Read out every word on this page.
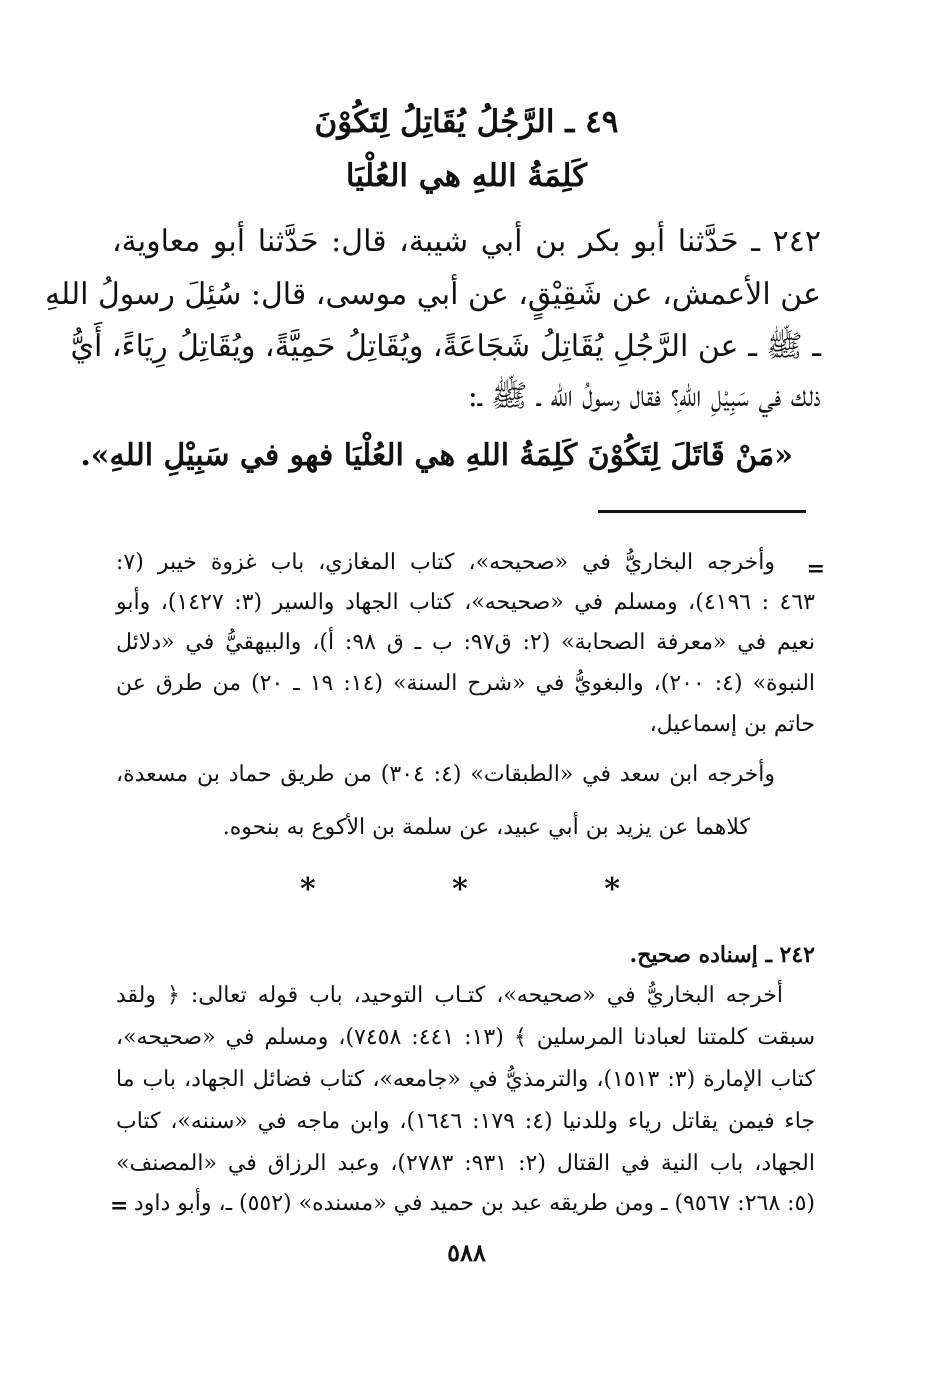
٤٩ ـ الرَّجُلُ يُقَاتِلُ لِتَكُوْنَ
كَلِمَةُ اللهِ هي العُلْيَا
٢٤٢ ـ حَدَّثنا أبو بكر بن أبي شيبة، قال: حَدَّثنا أبو معاوية،
عن الأعمش، عن شَقِيْقٍ، عن أبي موسى، قال: سُئِلَ رسولُ اللهِ
ـ ﷺ ـ عن الرَّجُلِ يُقَاتِلُ شَجَاعَةً، ويُقَاتِلُ حَمِيَّةً، ويُقَاتِلُ رِيَاءً، أَيُّ
ذلك في سَبِيْلِ اللهِ؟ فقال رسولُ الله ـ ﷺ ـ:
«مَنْ قَاتَلَ لِتَكُوْنَ كَلِمَةُ اللهِ هي العُلْيَا فهو في سَبِيْلِ اللهِ».
=
وأخرجه البخاريُّ في «صحيحه»، كتاب المغازي، باب غزوة خيبر (٧:
٤٦٣ : ٤١٩٦)، ومسلم في «صحيحه»، كتاب الجهاد والسير (٣: ١٤٢٧)، وأبو
نعيم في «معرفة الصحابة» (٢: ق٩٧: ب ـ ق ٩٨: أ)، والبيهقيُّ في «دلائل
النبوة» (٤: ٢٠٠)، والبغويُّ في «شرح السنة» (١٤: ١٩ ـ ٢٠) من طرق عن
حاتم بن إسماعيل،
وأخرجه ابن سعد في «الطبقات» (٤: ٣٠٤) من طريق حماد بن مسعدة،
كلاهما عن يزيد بن أبي عبيد، عن سلمة بن الأكوع به بنحوه.
*	*	*
٢٤٢ ـ إسناده صحيح.
أخرجه البخاريُّ في «صحيحه»، كتـاب التوحيد، باب قوله تعالى: ﴿ ولقد
سبقت كلمتنا لعبادنا المرسلين ﴾ (١٣: ٤٤١: ٧٤٥٨)، ومسلم في «صحيحه»،
كتاب الإمارة (٣: ١٥١٣)، والترمذيُّ في «جامعه»، كتاب فضائل الجهاد، باب ما
جاء فيمن يقاتل رياء وللدنيا (٤: ١٧٩: ١٦٤٦)، وابن ماجه في «سننه»، كتاب
الجهاد، باب النية في القتال (٢: ٩٣١: ٢٧٨٣)، وعبد الرزاق في «المصنف»
(٥: ٢٦٨: ٩٥٦٧) ـ ومن طريقه عبد بن حميد في «مسنده» (٥٥٢) ـ، وأبو داود
=
٥٨٨
